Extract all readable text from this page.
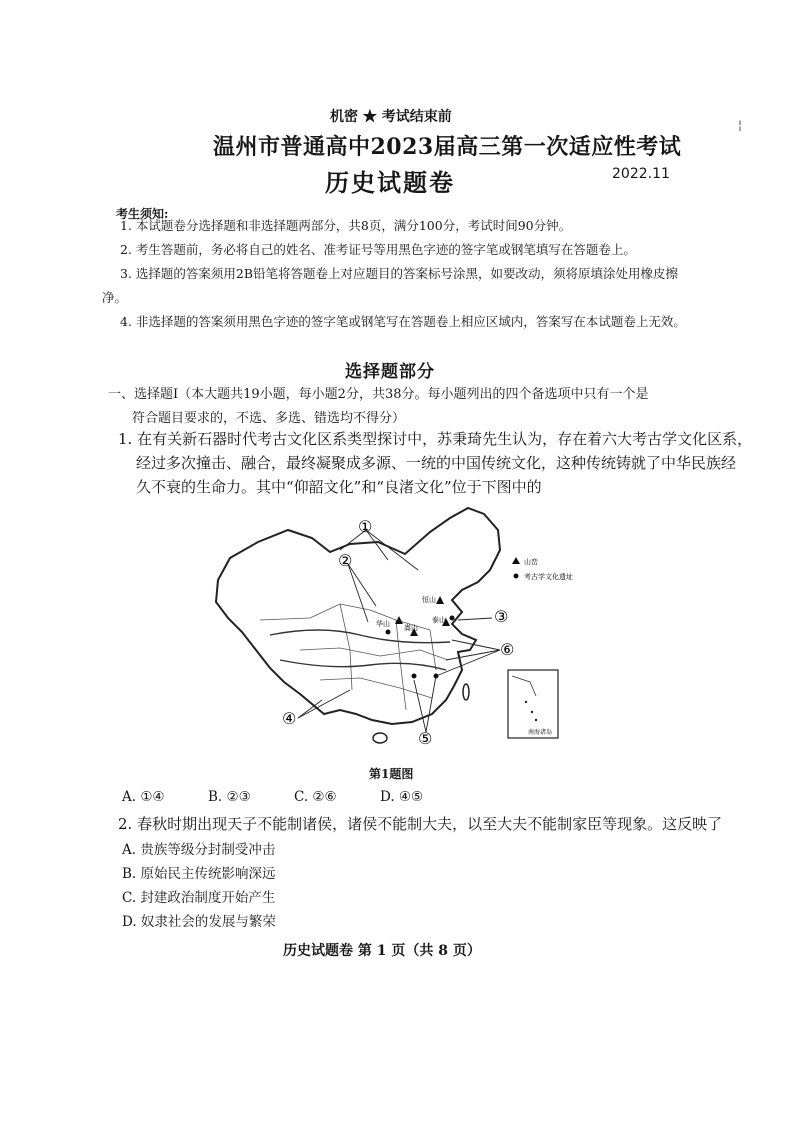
¦
机密 ★ 考试结束前
温州市普通高中2023届高三第一次适应性考试
历史试题卷	2022.11
考生须知:
1. 本试题卷分选择题和非选择题两部分，共8页，满分100分，考试时间90分钟。
2. 考生答题前，务必将自己的姓名、准考证号等用黑色字迹的签字笔或钢笔填写在答题卷上。
3. 选择题的答案须用2B铅笔将答题卷上对应题目的答案标号涂黑，如要改动，须将原填涂处用橡皮擦净。
4. 非选择题的答案须用黑色字迹的签字笔或钢笔写在答题卷上相应区域内，答案写在本试题卷上无效。
选择题部分
一、选择题Ⅰ（本大题共19小题，每小题2分，共38分。每小题列出的四个备选项中只有一个是
符合题目要求的，不选、多选、错选均不得分）
1. 在有关新石器时代考古文化区系类型探讨中，苏秉琦先生认为，存在着六大考古学文化区系，
经过多次撞击、融合，最终凝聚成多源、一统的中国传统文化，这种传统铸就了中华民族经
久不衰的生命力。其中“仰韶文化”和“良渚文化”位于下图中的
①
②
③
④
⑤
⑥
恒山
华山 嵩山
泰山
山峦
考古学文化遗址
南海诸岛
第1题图
A. ①④	B. ②③	C. ②⑥	D. ④⑤
2. 春秋时期出现天子不能制诸侯，诸侯不能制大夫，以至大夫不能制家臣等现象。这反映了
A. 贵族等级分封制受冲击
B. 原始民主传统影响深远
C. 封建政治制度开始产生
D. 奴隶社会的发展与繁荣
历史试题卷 第 1 页（共 8 页）
